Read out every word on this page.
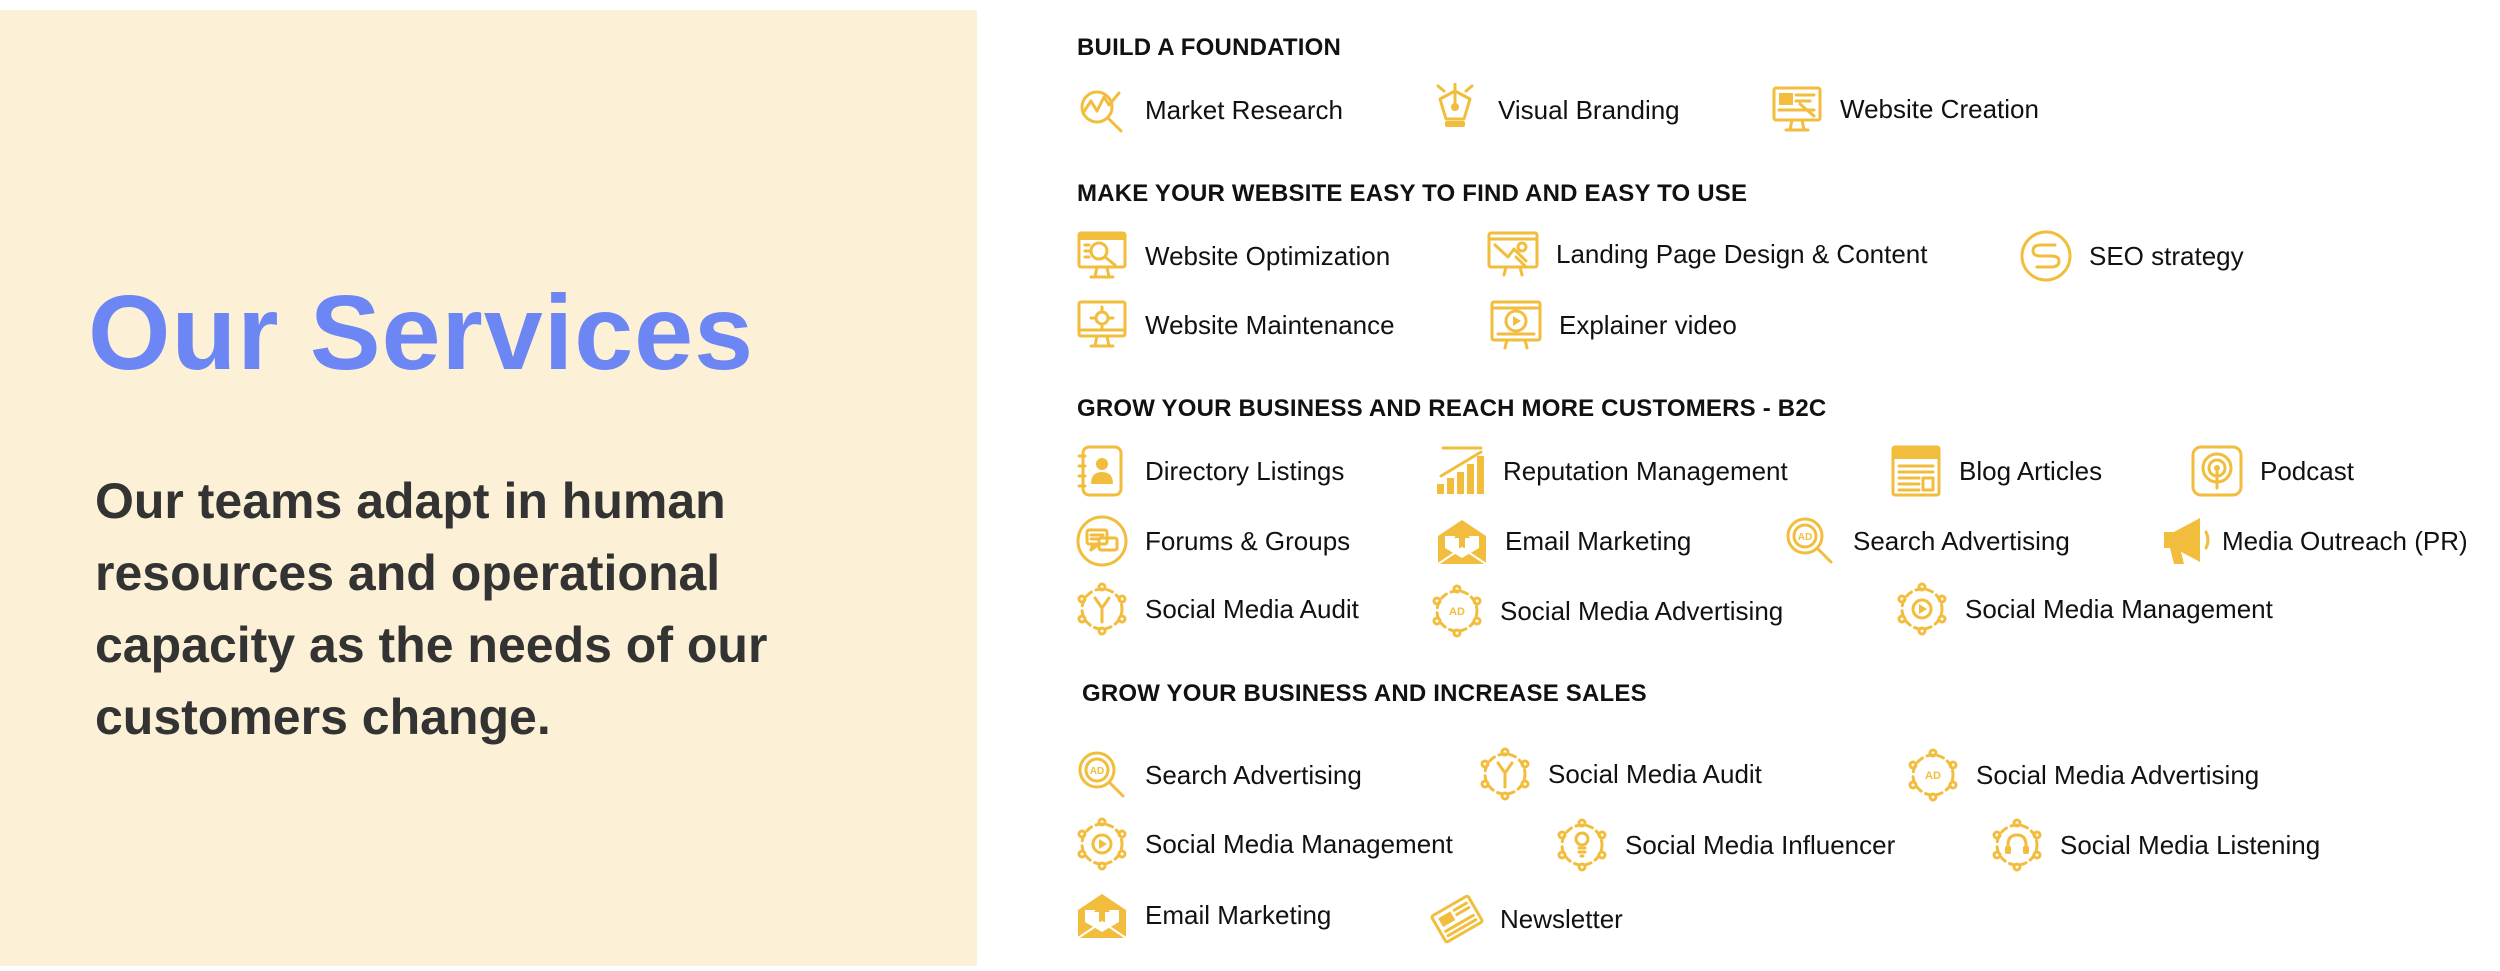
Our Services
Our teams adapt in human resources and operational capacity as the needs of our customers change.
BUILD A FOUNDATION
Market Research	Visual Branding	Website Creation
MAKE YOUR WEBSITE EASY TO FIND AND EASY TO USE
Website Optimization	Landing Page Design & Content	SEO strategy
Website Maintenance	Explainer video
GROW YOUR BUSINESS AND REACH MORE CUSTOMERS - B2C
Directory Listings	Reputation Management	Blog Articles	Podcast
Forums & Groups	Email Marketing	Search Advertising	Media Outreach (PR)
Social Media Audit	Social Media Advertising	Social Media Management
GROW YOUR BUSINESS AND INCREASE SALES
Search Advertising	Social Media Audit	Social Media Advertising
Social Media Management	Social Media Influencer	Social Media Listening
Email Marketing	Newsletter
